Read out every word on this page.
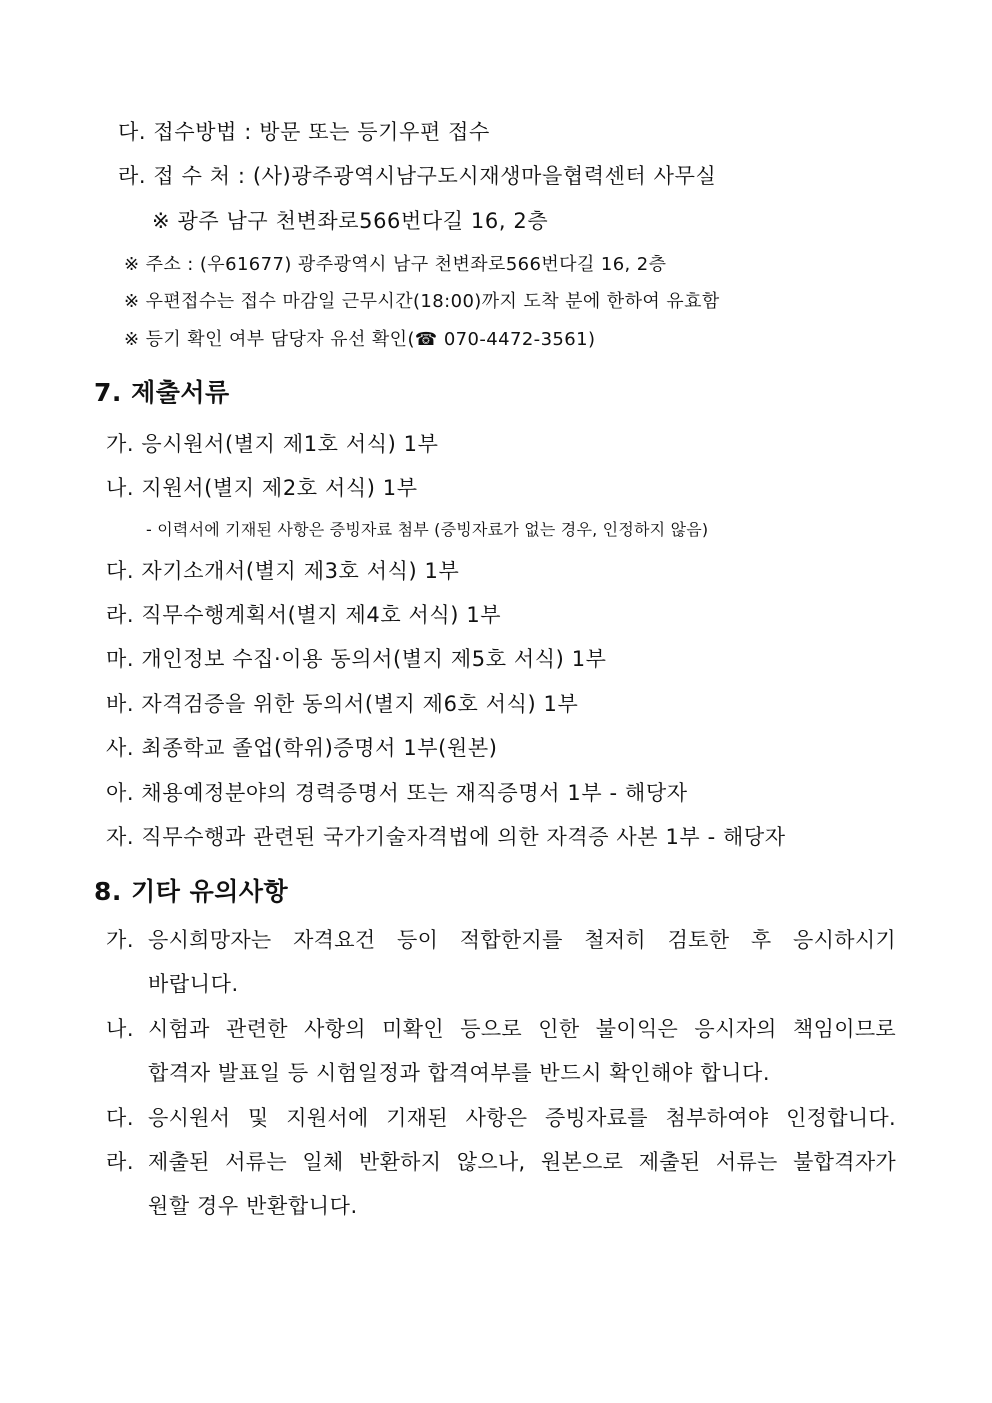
다. 접수방법 : 방문 또는 등기우편 접수
라. 접 수 처 : (사)광주광역시남구도시재생마을협력센터 사무실
※ 광주 남구 천변좌로566번다길 16, 2층
※ 주소 : (우61677) 광주광역시 남구 천변좌로566번다길 16, 2층
※ 우편접수는 접수 마감일 근무시간(18:00)까지 도착 분에 한하여 유효함
※ 등기 확인 여부 담당자 유선 확인(☎ 070-4472-3561)
7. 제출서류
가. 응시원서(별지 제1호 서식) 1부
나. 지원서(별지 제2호 서식) 1부
- 이력서에 기재된 사항은 증빙자료 첨부 (증빙자료가 없는 경우, 인정하지 않음)
다. 자기소개서(별지 제3호 서식) 1부
라. 직무수행계획서(별지 제4호 서식) 1부
마. 개인정보 수집·이용 동의서(별지 제5호 서식) 1부
바. 자격검증을 위한 동의서(별지 제6호 서식) 1부
사. 최종학교 졸업(학위)증명서 1부(원본)
아. 채용예정분야의 경력증명서 또는 재직증명서 1부 - 해당자
자. 직무수행과 관련된 국가기술자격법에 의한 자격증 사본 1부 - 해당자
8. 기타 유의사항
가. 응시희망자는 자격요건 등이 적합한지를 철저히 검토한 후 응시하시기
바랍니다.
나. 시험과 관련한 사항의 미확인 등으로 인한 불이익은 응시자의 책임이므로
합격자 발표일 등 시험일정과 합격여부를 반드시 확인해야 합니다.
다. 응시원서 및 지원서에 기재된 사항은 증빙자료를 첨부하여야 인정합니다.
라. 제출된 서류는 일체 반환하지 않으나, 원본으로 제출된 서류는 불합격자가
원할 경우 반환합니다.
